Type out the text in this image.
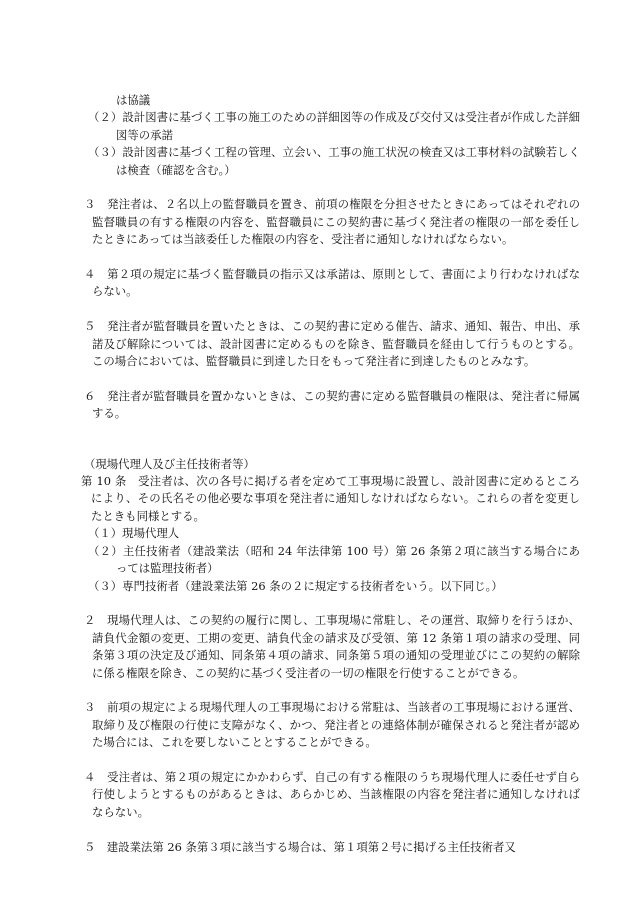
は協議

（２）設計図書に基づく工事の施工のための詳細図等の作成及び交付又は受注者が作成した詳細図等の承諾

（３）設計図書に基づく工程の管理、立会い、工事の施工状況の検査又は工事材料の試験若しくは検査（確認を含む。）

３　発注者は、２名以上の監督職員を置き、前項の権限を分担させたときにあってはそれぞれの監督職員の有する権限の内容を、監督職員にこの契約書に基づく発注者の権限の一部を委任したときにあっては当該委任した権限の内容を、受注者に通知しなければならない。

４　第２項の規定に基づく監督職員の指示又は承諾は、原則として、書面により行わなければならない。

５　発注者が監督職員を置いたときは、この契約書に定める催告、請求、通知、報告、申出、承諾及び解除については、設計図書に定めるものを除き、監督職員を経由して行うものとする。この場合においては、監督職員に到達した日をもって発注者に到達したものとみなす。

６　発注者が監督職員を置かないときは、この契約書に定める監督職員の権限は、発注者に帰属する。

（現場代理人及び主任技術者等）

第 10 条　受注者は、次の各号に掲げる者を定めて工事現場に設置し、設計図書に定めるところにより、その氏名その他必要な事項を発注者に通知しなければならない。これらの者を変更したときも同様とする。

（１）現場代理人

（２）主任技術者（建設業法（昭和 24 年法律第 100 号）第 26 条第２項に該当する場合にあっては監理技術者）

（３）専門技術者（建設業法第 26 条の２に規定する技術者をいう。以下同じ。）

２　現場代理人は、この契約の履行に関し、工事現場に常駐し、その運営、取締りを行うほか、請負代金額の変更、工期の変更、請負代金の請求及び受領、第 12 条第１項の請求の受理、同条第３項の決定及び通知、同条第４項の請求、同条第５項の通知の受理並びにこの契約の解除に係る権限を除き、この契約に基づく受注者の一切の権限を行使することができる。

３　前項の規定による現場代理人の工事現場における常駐は、当該者の工事現場における運営、取締り及び権限の行使に支障がなく、かつ、発注者との連絡体制が確保されると発注者が認めた場合には、これを要しないこととすることができる。

４　受注者は、第２項の規定にかかわらず、自己の有する権限のうち現場代理人に委任せず自ら行使しようとするものがあるときは、あらかじめ、当該権限の内容を発注者に通知しなければならない。

５　建設業法第 26 条第３項に該当する場合は、第１項第２号に掲げる主任技術者又
